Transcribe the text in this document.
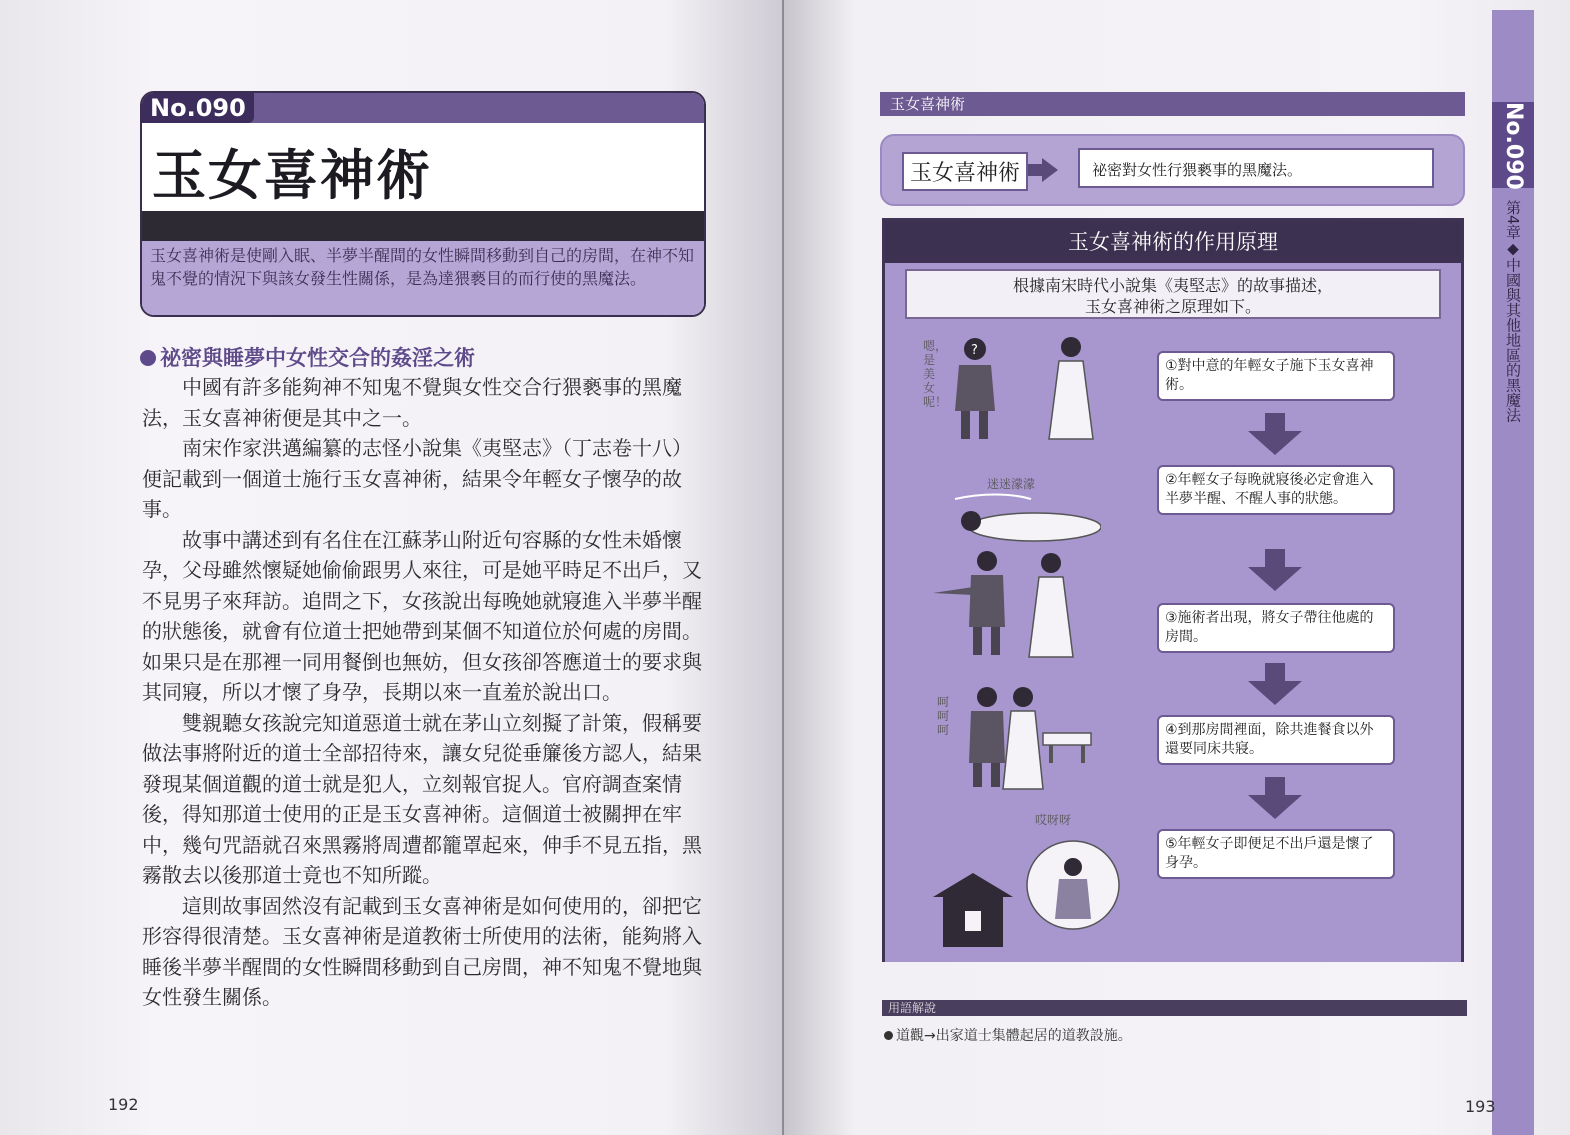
No.090
玉女喜神術
玉女喜神術是使剛入眠、半夢半醒間的女性瞬間移動到自己的房間，在神不知鬼不覺的情況下與該女發生性關係，是為達猥褻目的而行使的黑魔法。
祕密與睡夢中女性交合的姦淫之術

中國有許多能夠神不知鬼不覺與女性交合行猥褻事的黑魔法，玉女喜神術便是其中之一。

南宋作家洪邁編纂的志怪小說集《夷堅志》（丁志卷十八）便記載到一個道士施行玉女喜神術，結果令年輕女子懷孕的故事。

故事中講述到有名住在江蘇茅山附近句容縣的女性未婚懷孕，父母雖然懷疑她偷偷跟男人來往，可是她平時足不出戶，又不見男子來拜訪。追問之下，女孩說出每晚她就寢進入半夢半醒的狀態後，就會有位道士把她帶到某個不知道位於何處的房間。如果只是在那裡一同用餐倒也無妨，但女孩卻答應道士的要求與其同寢，所以才懷了身孕，長期以來一直羞於說出口。

雙親聽女孩說完知道惡道士就在茅山立刻擬了計策，假稱要做法事將附近的道士全部招待來，讓女兒從垂簾後方認人，結果發現某個道觀的道士就是犯人，立刻報官捉人。官府調查案情後，得知那道士使用的正是玉女喜神術。這個道士被關押在牢中，幾句咒語就召來黑霧將周遭都籠罩起來，伸手不見五指，黑霧散去以後那道士竟也不知所蹤。

這則故事固然沒有記載到玉女喜神術是如何使用的，卻把它形容得很清楚。玉女喜神術是道教術士所使用的法術，能夠將入睡後半夢半醒間的女性瞬間移動到自己房間，神不知鬼不覺地與女性發生關係。

192
玉女喜神術
玉女喜神術	祕密對女性行猥褻事的黑魔法。
玉女喜神術的作用原理
根據南宋時代小說集《夷堅志》的故事描述，
玉女喜神術之原理如下。
①對中意的年輕女子施下玉女喜神術。
②年輕女子每晚就寢後必定會進入半夢半醒、不醒人事的狀態。
③施術者出現，將女子帶往他處的房間。
④到那房間裡面，除共進餐食以外還要同床共寢。
⑤年輕女子即便足不出戶還是懷了身孕。
?
嗯，是美女呢！
迷迷濛濛
呵呵呵
哎呀呀
用語解說
道觀→出家道士集體起居的道教設施。
No.090
第4章◆中國與其他地區的黑魔法
193
